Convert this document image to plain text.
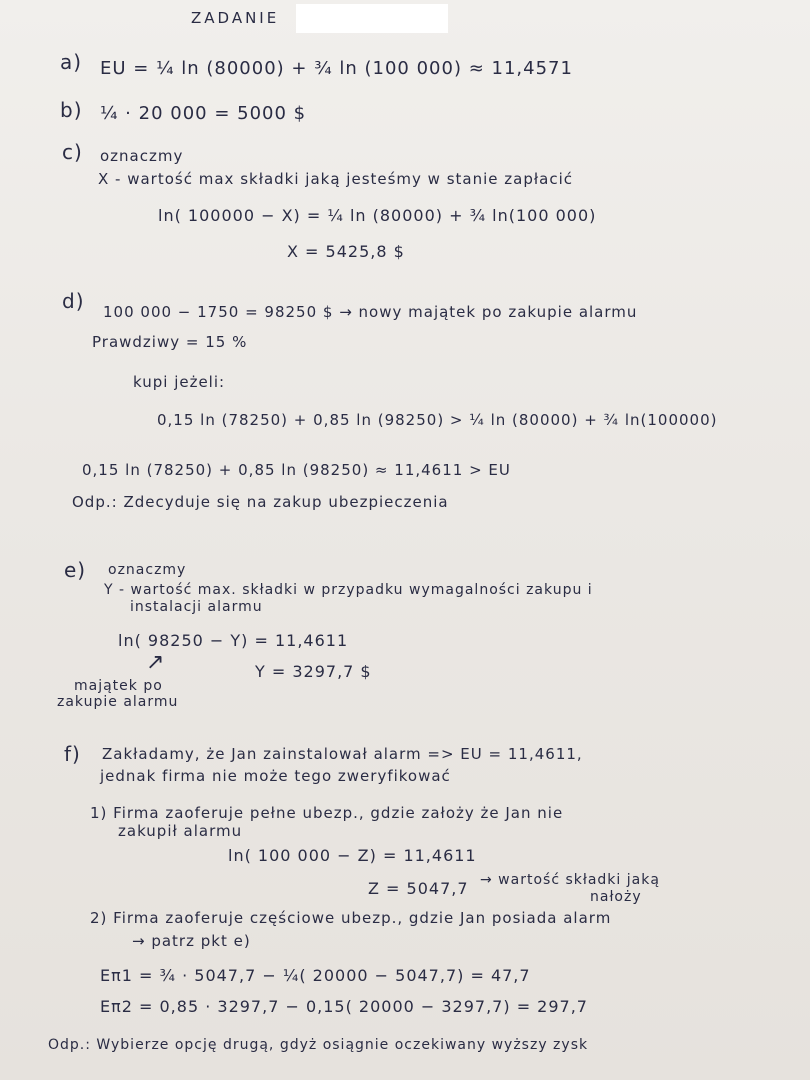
ZADANIE
a) EU = ¼ ln (80000) + ¾ ln (100 000) ≈ 11,4571
b) ¼ · 20 000 = 5000 $
c) oznaczmy
X - wartość max składki jaką jesteśmy w stanie zapłacić
ln( 100000 − X) = ¼ ln (80000) + ¾ ln(100 000)
X = 5425,8 $
d) 100 000 − 1750 = 98250 $ → nowy majątek po zakupie alarmu
Prawdziwy = 15 %
kupi jeżeli:
0,15 ln (78250) + 0,85 ln (98250) > ¼ ln (80000) + ¾ ln(100000)
0,15 ln (78250) + 0,85 ln (98250) ≈ 11,4611 > EU
Odp.: Zdecyduje się na zakup ubezpieczenia
e) oznaczmy
Y - wartość max. składki w przypadku wymagalności zakupu i
instalacji alarmu
ln( 98250 − Y) = 11,4611
Y = 3297,7 $
↗
majątek po
zakupie alarmu
f) Zakładamy, że Jan zainstalował alarm => EU = 11,4611,
jednak firma nie może tego zweryfikować
1) Firma zaoferuje pełne ubezp., gdzie założy że Jan nie
zakupił alarmu
ln( 100 000 − Z) = 11,4611
Z = 5047,7 → wartość składki jaką
nałoży
2) Firma zaoferuje częściowe ubezp., gdzie Jan posiada alarm
→ patrz pkt e)
Eπ1 = ¾ · 5047,7 − ¼( 20000 − 5047,7) = 47,7
Eπ2 = 0,85 · 3297,7 − 0,15( 20000 − 3297,7) = 297,7
Odp.: Wybierze opcję drugą, gdyż osiągnie oczekiwany wyższy zysk
